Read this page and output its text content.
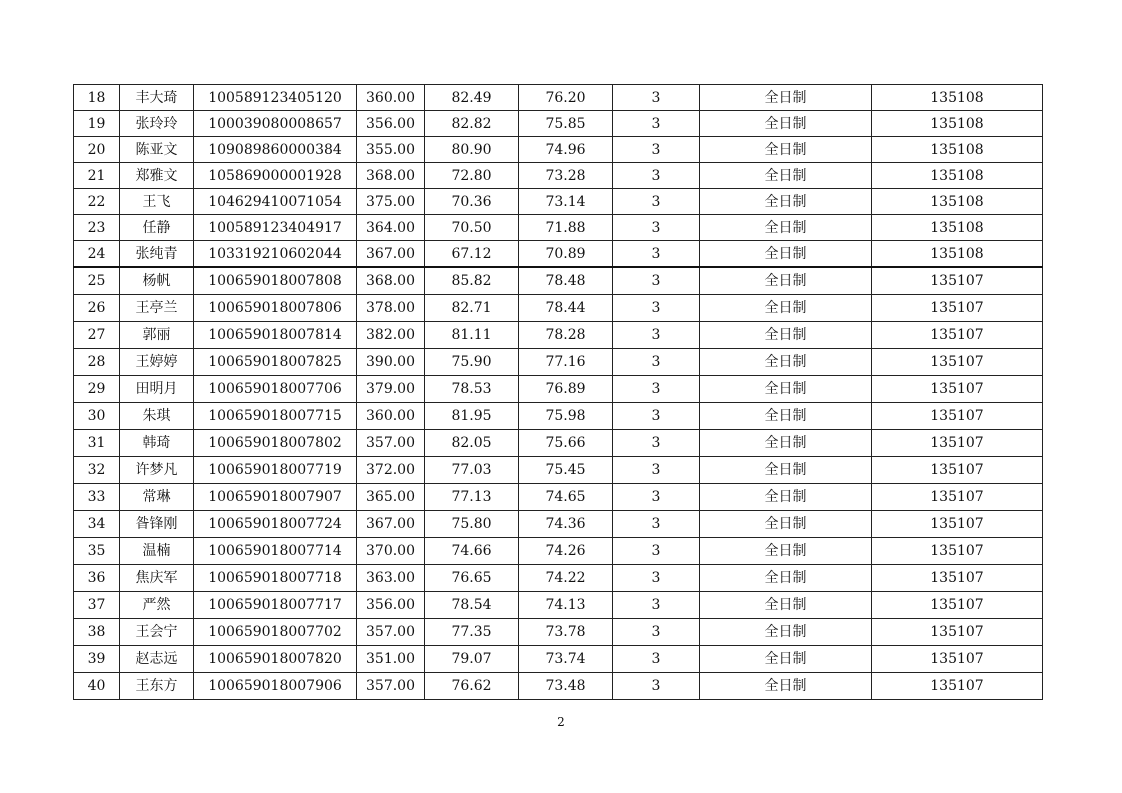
18	丰大琦	100589123405120	360.00	82.49	76.20	3	全日制	135108
19	张玲玲	100039080008657	356.00	82.82	75.85	3	全日制	135108
20	陈亚文	109089860000384	355.00	80.90	74.96	3	全日制	135108
21	郑雅文	105869000001928	368.00	72.80	73.28	3	全日制	135108
22	王飞	104629410071054	375.00	70.36	73.14	3	全日制	135108
23	任静	100589123404917	364.00	70.50	71.88	3	全日制	135108
24	张纯青	103319210602044	367.00	67.12	70.89	3	全日制	135108
25	杨帆	100659018007808	368.00	85.82	78.48	3	全日制	135107
26	王亭兰	100659018007806	378.00	82.71	78.44	3	全日制	135107
27	郭丽	100659018007814	382.00	81.11	78.28	3	全日制	135107
28	王婷婷	100659018007825	390.00	75.90	77.16	3	全日制	135107
29	田明月	100659018007706	379.00	78.53	76.89	3	全日制	135107
30	朱琪	100659018007715	360.00	81.95	75.98	3	全日制	135107
31	韩琦	100659018007802	357.00	82.05	75.66	3	全日制	135107
32	许梦凡	100659018007719	372.00	77.03	75.45	3	全日制	135107
33	常琳	100659018007907	365.00	77.13	74.65	3	全日制	135107
34	昝锋刚	100659018007724	367.00	75.80	74.36	3	全日制	135107
35	温楠	100659018007714	370.00	74.66	74.26	3	全日制	135107
36	焦庆军	100659018007718	363.00	76.65	74.22	3	全日制	135107
37	严然	100659018007717	356.00	78.54	74.13	3	全日制	135107
38	王会宁	100659018007702	357.00	77.35	73.78	3	全日制	135107
39	赵志远	100659018007820	351.00	79.07	73.74	3	全日制	135107
40	王东方	100659018007906	357.00	76.62	73.48	3	全日制	135107
2
